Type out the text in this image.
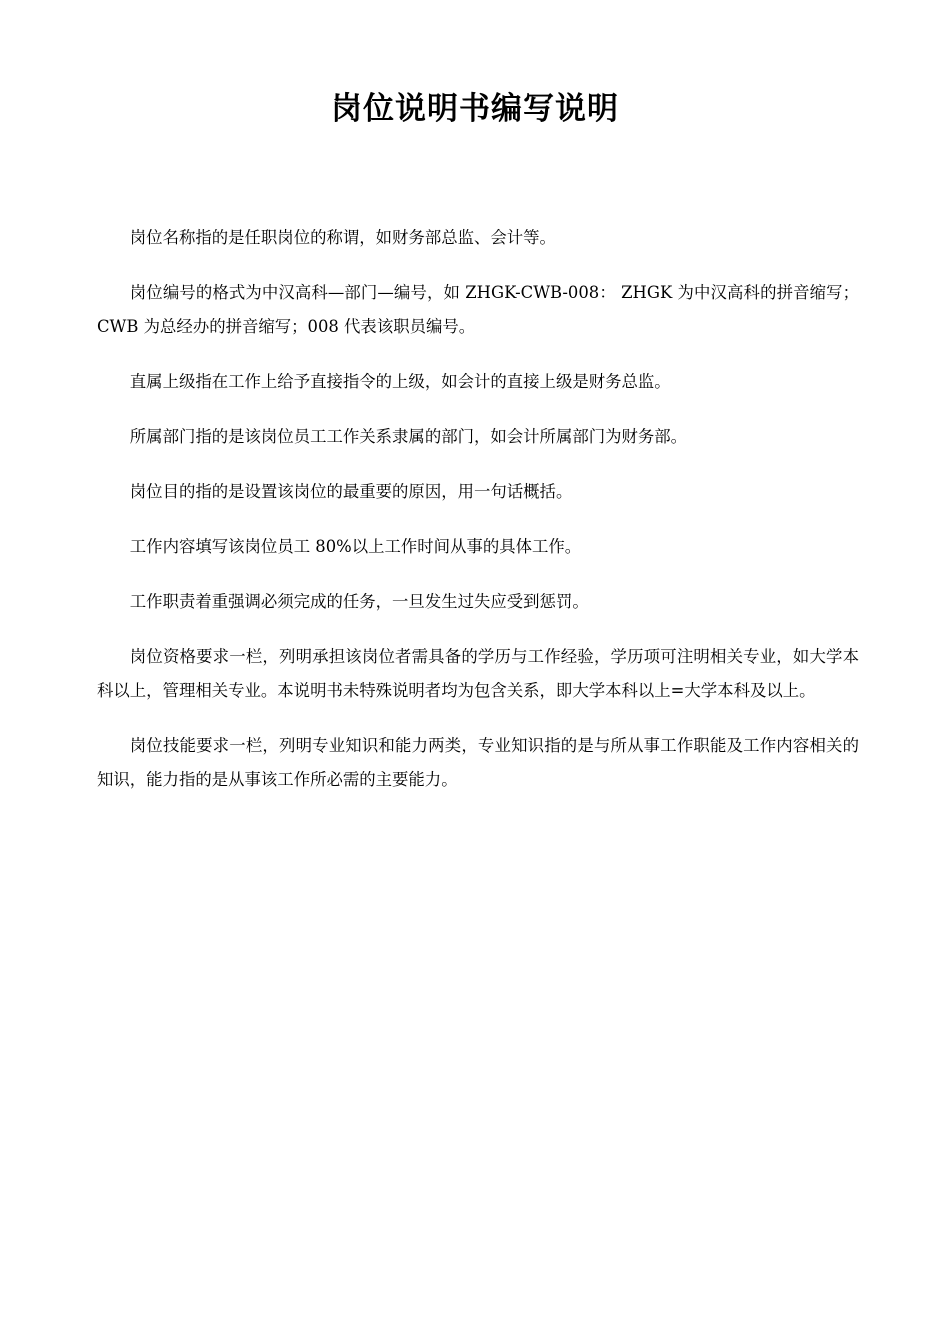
岗位说明书编写说明

岗位名称指的是任职岗位的称谓，如财务部总监、会计等。

岗位编号的格式为中汉高科—部门—编号，如 ZHGK-CWB-008： ZHGK 为中汉高科的拼音缩写；CWB 为总经办的拼音缩写；008 代表该职员编号。

直属上级指在工作上给予直接指令的上级，如会计的直接上级是财务总监。

所属部门指的是该岗位员工工作关系隶属的部门，如会计所属部门为财务部。

岗位目的指的是设置该岗位的最重要的原因，用一句话概括。

工作内容填写该岗位员工 80%以上工作时间从事的具体工作。

工作职责着重强调必须完成的任务，一旦发生过失应受到惩罚。

岗位资格要求一栏，列明承担该岗位者需具备的学历与工作经验，学历项可注明相关专业，如大学本科以上，管理相关专业。本说明书未特殊说明者均为包含关系，即大学本科以上=大学本科及以上。

岗位技能要求一栏，列明专业知识和能力两类，专业知识指的是与所从事工作职能及工作内容相关的知识，能力指的是从事该工作所必需的主要能力。
